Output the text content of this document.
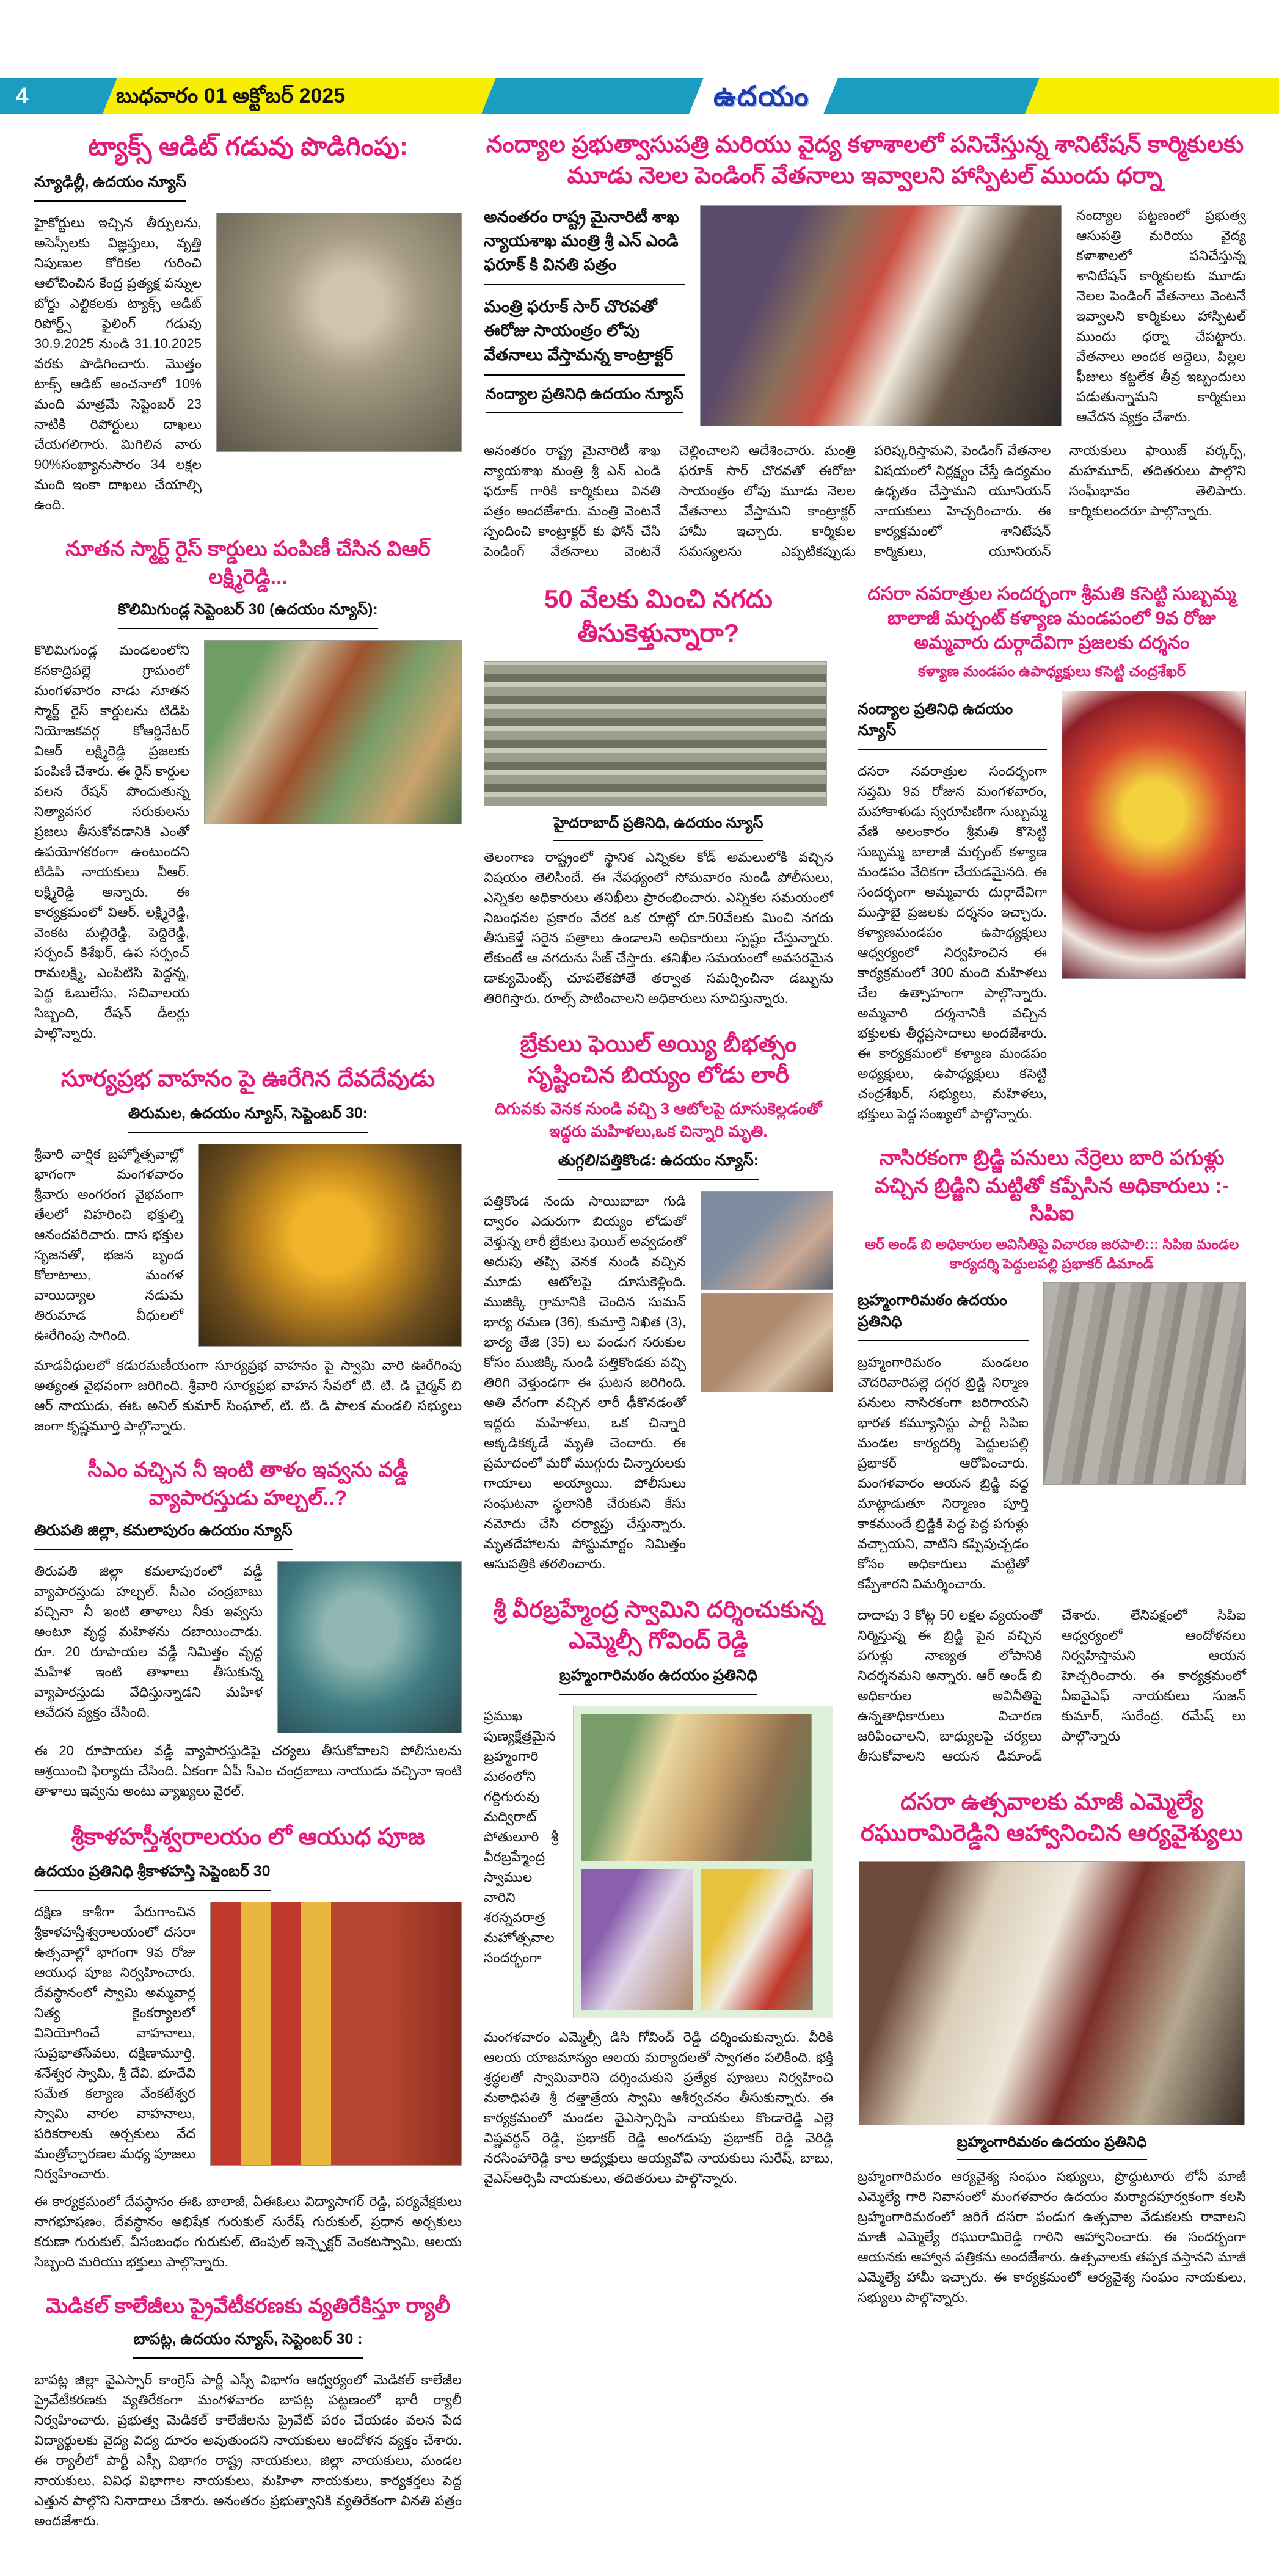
4	బుధవారం 01 అక్టోబర్ 2025	ఉదయం
ట్యాక్స్ ఆడిట్ గడువు పొడిగింపు:
న్యూఢిల్లీ, ఉదయం న్యూస్
హైకోర్టులు ఇచ్చిన తీర్పులను, అసెస్సీలకు విజ్ఞప్తులు, వృత్తి నిపుణుల కోరికల గురించి ఆలోచించిన కేంద్ర ప్రత్యక్ష పన్నుల బోర్డు ఎల్టికలకు ట్యాక్స్ ఆడిట్ రిపోర్ట్స్ ఫైలింగ్ గడువు 30.9.2025 నుండి 31.10.2025 వరకు పొడిగించారు. మొత్తం టాక్స్ ఆడిట్ అంచనాలో 10% మంది మాత్రమే సెప్టెంబర్ 23 నాటికి రిపోర్టులు దాఖలు చేయగలిగారు. మిగిలిన వారు 90%సంఖ్యానుసారం 34 లక్షల మంది ఇంకా దాఖలు చేయాల్సి ఉంది.
నూతన స్మార్ట్ రైస్ కార్డులు పంపిణీ చేసిన విఆర్ లక్ష్మిరెడ్డి...
కొలిమిగుండ్ల సెప్టెంబర్ 30 (ఉదయం న్యూస్):
కొలిమిగుండ్ల మండలంలోని కనకాద్రిపల్లె గ్రామంలో మంగళవారం నాడు నూతన స్మార్ట్ రైస్ కార్డులను టిడిపి నియోజకవర్గ కోఆర్డినేటర్ విఆర్ లక్ష్మిరెడ్డి ప్రజలకు పంపిణీ చేశారు. ఈ రైస్ కార్డుల వలన రేషన్ పొందుతున్న నిత్యావసర సరుకులను ప్రజలు తీసుకోవడానికి ఎంతో ఉపయోగకరంగా ఉంటుందని టిడిపి నాయకులు వీఆర్. లక్ష్మిరెడ్డి అన్నారు. ఈ కార్యక్రమంలో విఆర్. లక్ష్మిరెడ్డి, వెంకట మల్లిరెడ్డి, పెద్దిరెడ్డి, సర్పంచ్ కిశేఖర్, ఉప సర్పంచ్ రామలక్ష్మి, ఎంపిటిసి పెద్దన్న, పెద్ద ఓబులేసు, సచివాలయ సిబ్బంది, రేషన్ డీలర్లు పాల్గొన్నారు.
సూర్యప్రభ వాహనం పై ఊరేగిన దేవదేవుడు
తిరుమల, ఉదయం న్యూస్, సెప్టెంబర్ 30:
శ్రీవారి వార్షిక బ్రహ్మోత్సవాల్లో భాగంగా మంగళవారం శ్రీవారు అంగరంగ వైభవంగా తేలలో విహరించి భక్తుల్ని ఆనందపరిచారు. దాస భక్తుల సృజనతో, భజన బృంద కోలాటాలు, మంగళ వాయిద్యాల నడుమ తిరుమాడ వీధులలో ఊరేగింపు సాగింది.
మాడవీధులలో కడురమణీయంగా సూర్యప్రభ వాహనం పై స్వామి వారి ఊరేగింపు అత్యంత వైభవంగా జరిగింది. శ్రీవారి సూర్యప్రభ వాహన సేవలో టి. టి. డి చైర్మన్ బి ఆర్ నాయుడు, ఈఓ అనిల్ కుమార్ సింఘాల్, టి. టి. డి పాలక మండలి సభ్యులు జంగా కృష్ణమూర్తి పాల్గొన్నారు.
సీఎం వచ్చిన నీ ఇంటి తాళం ఇవ్వను వడ్డీ వ్యాపారస్తుడు హల్చల్..?
తిరుపతి జిల్లా, కమలాపురం ఉదయం న్యూస్
తిరుపతి జిల్లా కమలాపురంలో వడ్డీ వ్యాపారస్తుడు హల్చల్. సీఎం చంద్రబాబు వచ్చినా నీ ఇంటి తాళాలు నీకు ఇవ్వను అంటూ వృద్ధ మహిళను దబాయించాడు. రూ. 20 రూపాయల వడ్డీ నిమిత్తం వృద్ధ మహిళ ఇంటి తాళాలు తీసుకున్న వ్యాపారస్తుడు వేధిస్తున్నాడని మహిళ ఆవేదన వ్యక్తం చేసింది.
ఈ 20 రూపాయల వడ్డీ వ్యాపారస్తుడిపై చర్యలు తీసుకోవాలని పోలీసులను ఆశ్రయించి ఫిర్యాదు చేసింది. ఏకంగా ఏపీ సీఎం చంద్రబాబు నాయుడు వచ్చినా ఇంటి తాళాలు ఇవ్వను అంటు వ్యాఖ్యలు వైరల్.
శ్రీకాళహస్తీశ్వరాలయం లో ఆయుధ పూజ
ఉదయం ప్రతినిధి శ్రీకాళహస్తి సెప్టెంబర్ 30
దక్షిణ కాశీగా పేరుగాంచిన శ్రీకాళహస్తీశ్వరాలయంలో దసరా ఉత్సవాల్లో భాగంగా 9వ రోజు ఆయుధ పూజ నిర్వహించారు. దేవస్థానంలో స్వామి అమ్మవార్ల నిత్య కైంకర్యాలలో వినియోగించే వాహనాలు, సుప్రభాతసేవలు, దక్షిణామూర్తి, శనేశ్వర స్వామి, శ్రీ దేవి, భూదేవి సమేత కల్యాణ వేంకటేశ్వర స్వామి వారల వాహనాలు, పరికరాలకు అర్చకులు వేద మంత్రోచ్ఛారణల మధ్య పూజలు నిర్వహించారు.
ఈ కార్యక్రమంలో దేవస్థానం ఈఓ బాలాజీ, ఏఈఓలు విద్యాసాగర్ రెడ్డి, పర్యవేక్షకులు నాగభూషణం, దేవస్థానం అభిషేక గురుకుల్ సురేష్ గురుకుల్, ప్రధాన అర్చకులు కరుణా గురుకుల్, వీసంబంధం గురుకుల్, టెంపుల్ ఇన్స్పెక్టర్ వెంకటస్వామి, ఆలయ సిబ్బంది మరియు భక్తులు పాల్గొన్నారు.
మెడికల్ కాలేజీలు ప్రైవేటీకరణకు వ్యతిరేకిస్తూ ర్యాలీ
బాపట్ల, ఉదయం న్యూస్, సెప్టెంబర్ 30 :
బాపట్ల జిల్లా వైఎస్సార్ కాంగ్రెస్ పార్టీ ఎస్సీ విభాగం ఆధ్వర్యంలో మెడికల్ కాలేజీల ప్రైవేటీకరణకు వ్యతిరేకంగా మంగళవారం బాపట్ల పట్టణంలో భారీ ర్యాలీ నిర్వహించారు. ప్రభుత్వ మెడికల్ కాలేజీలను ప్రైవేట్ పరం చేయడం వలన పేద విద్యార్థులకు వైద్య విద్య దూరం అవుతుందని నాయకులు ఆందోళన వ్యక్తం చేశారు. ఈ ర్యాలీలో పార్టీ ఎస్సీ విభాగం రాష్ట్ర నాయకులు, జిల్లా నాయకులు, మండల నాయకులు, వివిధ విభాగాల నాయకులు, మహిళా నాయకులు, కార్యకర్తలు పెద్ద ఎత్తున పాల్గొని నినాదాలు చేశారు. అనంతరం ప్రభుత్వానికి వ్యతిరేకంగా వినతి పత్రం అందజేశారు.
నంద్యాల ప్రభుత్వాసుపత్రి మరియు వైద్య కళాశాలలో పనిచేస్తున్న శానిటేషన్ కార్మికులకు మూడు నెలల పెండింగ్ వేతనాలు ఇవ్వాలని హాస్పిటల్ ముందు ధర్నా
అనంతరం రాష్ట్ర మైనారిటీ శాఖ న్యాయశాఖ మంత్రి శ్రీ ఎన్ ఎండి ఫరూక్ కి వినతి పత్రం
మంత్రి ఫరూక్ సార్ చొరవతో ఈరోజు సాయంత్రం లోపు వేతనాలు వేస్తామన్న కాంట్రాక్టర్
నంద్యాల ప్రతినిధి ఉదయం న్యూస్
నంద్యాల పట్టణంలో ప్రభుత్వ ఆసుపత్రి మరియు వైద్య కళాశాలలో పనిచేస్తున్న శానిటేషన్ కార్మికులకు మూడు నెలల పెండింగ్ వేతనాలు వెంటనే ఇవ్వాలని కార్మికులు హాస్పిటల్ ముందు ధర్నా చేపట్టారు. వేతనాలు అందక అద్దెలు, పిల్లల ఫీజులు కట్టలేక తీవ్ర ఇబ్బందులు పడుతున్నామని కార్మికులు ఆవేదన వ్యక్తం చేశారు.
అనంతరం రాష్ట్ర మైనారిటీ శాఖ న్యాయశాఖ మంత్రి శ్రీ ఎన్ ఎండి ఫరూక్ గారికి కార్మికులు వినతి పత్రం అందజేశారు. మంత్రి వెంటనే స్పందించి కాంట్రాక్టర్ కు ఫోన్ చేసి పెండింగ్ వేతనాలు వెంటనే చెల్లించాలని ఆదేశించారు. మంత్రి ఫరూక్ సార్ చొరవతో ఈరోజు సాయంత్రం లోపు మూడు నెలల వేతనాలు వేస్తామని కాంట్రాక్టర్ హామీ ఇచ్చారు. కార్మికుల సమస్యలను ఎప్పటికప్పుడు పరిష్కరిస్తామని, పెండింగ్ వేతనాల విషయంలో నిర్లక్ష్యం చేస్తే ఉద్యమం ఉధృతం చేస్తామని యూనియన్ నాయకులు హెచ్చరించారు. ఈ కార్యక్రమంలో శానిటేషన్ కార్మికులు, యూనియన్ నాయకులు ఫాయిజ్ వర్కర్స్, మహమూద్, తదితరులు పాల్గొని సంఘీభావం తెలిపారు. కార్మికులందరూ పాల్గొన్నారు.
50 వేలకు మించి నగదు తీసుకెళ్తున్నారా?
హైదరాబాద్ ప్రతినిధి, ఉదయం న్యూస్
తెలంగాణ రాష్ట్రంలో స్థానిక ఎన్నికల కోడ్ అమలులోకి వచ్చిన విషయం తెలిసిందే. ఈ నేపథ్యంలో సోమవారం నుండి పోలీసులు, ఎన్నికల అధికారులు తనిఖీలు ప్రారంభించారు. ఎన్నికల సమయంలో నిబంధనల ప్రకారం వేరక ఒక రూట్లో రూ.50వేలకు మించి నగదు తీసుకెళ్తే సరైన పత్రాలు ఉండాలని అధికారులు స్పష్టం చేస్తున్నారు. లేకుంటే ఆ నగదును సీజ్ చేస్తారు. తనిఖీల సమయంలో అవసరమైన డాక్యుమెంట్స్ చూపలేకపోతే తర్వాత సమర్పించినా డబ్బును తిరిగిస్తారు. రూల్స్ పాటించాలని అధికారులు సూచిస్తున్నారు.
బ్రేకులు ఫెయిల్ అయ్యి బీభత్సం సృష్టించిన బియ్యం లోడు లారీ
దిగువకు వెనక నుండి వచ్చి 3 ఆటోలపై దూసుకెల్లడంతో ఇద్దరు మహిళలు,ఒక చిన్నారి మృతి.
తుగ్గలి/పత్తికొండ: ఉదయం న్యూస్:
పత్తికొండ నందు సాయిబాబా గుడి ద్వారం ఎదురుగా బియ్యం లోడుతో వెళ్తున్న లారీ బ్రేకులు ఫెయిల్ అవ్వడంతో అదుపు తప్పి వెనక నుండి వచ్చిన మూడు ఆటోలపై దూసుకెళ్లింది. ముజిక్కి గ్రామానికి చెందిన సుమన్ భార్య రమణ (36), కుమార్తె నిఖిత (3), భార్య తేజి (35) లు పండుగ సరుకుల కోసం ముజిక్కి నుండి పత్తికొండకు వచ్చి తిరిగి వెళ్తుండగా ఈ ఘటన జరిగింది. అతి వేగంగా వచ్చిన లారీ ఢీకొనడంతో ఇద్దరు మహిళలు, ఒక చిన్నారి అక్కడికక్కడే మృతి చెందారు. ఈ ప్రమాదంలో మరో ముగ్గురు చిన్నారులకు గాయాలు అయ్యాయి. పోలీసులు సంఘటనా స్థలానికి చేరుకుని కేసు నమోదు చేసి దర్యాప్తు చేస్తున్నారు. మృతదేహాలను పోస్టుమార్టం నిమిత్తం ఆసుపత్రికి తరలించారు.
శ్రీ వీరబ్రహ్మేంద్ర స్వామిని దర్శించుకున్న ఎమ్మెల్సీ గోవింద్ రెడ్డి
బ్రహ్మంగారిమఠం ఉదయం ప్రతినిధి
ప్రముఖ పుణ్యక్షేత్రమైన బ్రహ్మంగారి మఠంలోని గద్దిగురువు మద్విరాట్ పోతులూరి శ్రీ వీరబ్రహ్మేంద్ర స్వాముల వారిని శరన్నవరాత్ర మహోత్సవాల సందర్భంగా
మంగళవారం ఎమ్మెల్సీ డిసి గోవింద్ రెడ్డి దర్శించుకున్నారు. వీరికి ఆలయ యాజమాన్యం ఆలయ మర్యాదలతో స్వాగతం పలికింది. భక్తి శ్రద్ధలతో స్వామివారిని దర్శించుకుని ప్రత్యేక పూజలు నిర్వహించి మఠాధిపతి శ్రీ దత్తాత్రేయ స్వామి ఆశీర్వచనం తీసుకున్నారు. ఈ కార్యక్రమంలో మండల వైఎస్సార్సిపి నాయకులు కొండారెడ్డి ఎల్లె విష్ణవర్ధన్ రెడ్డి, ప్రభాకర్ రెడ్డి అంగడుపు ప్రభాకర్ రెడ్డి వెరిడ్డి నరసింహారెడ్డి కాల అధ్యక్షులు అయ్యవోవి నాయకులు సురేష్, బాబు, వైఎస్ఆర్సిపి నాయకులు, తదితరులు పాల్గొన్నారు.
దసరా నవరాత్రుల సందర్భంగా శ్రీమతి కసెట్టి సుబ్బమ్మ బాలాజీ మర్చంట్ కళ్యాణ మండపంలో 9వ రోజు అమ్మవారు దుర్గాదేవిగా ప్రజలకు దర్శనం
కళ్యాణ మండపం ఉపాధ్యక్షులు కసెట్టి చంద్రశేఖర్
నంద్యాల ప్రతినిధి ఉదయం న్యూస్
దసరా నవరాత్రుల సందర్భంగా సప్తమి 9వ రోజున మంగళవారం, మహాకాళుడు స్వరూపిణిగా సుబ్బమ్మ వేణి అలంకారం శ్రీమతి కొసెట్టి సుబ్బమ్మ బాలాజీ మర్చంట్ కళ్యాణ మండపం వేదికగా చేయడమైనది. ఈ సందర్భంగా అమ్మవారు దుర్గాదేవిగా ముస్తాబై ప్రజలకు దర్శనం ఇచ్చారు. కళ్యాణమండపం ఉపాధ్యక్షులు ఆధ్వర్యంలో నిర్వహించిన ఈ కార్యక్రమంలో 300 మంది మహిళలు చేల ఉత్సాహంగా పాల్గొన్నారు. అమ్మవారి దర్శనానికి వచ్చిన భక్తులకు తీర్థప్రసాదాలు అందజేశారు. ఈ కార్యక్రమంలో కళ్యాణ మండపం అధ్యక్షులు, ఉపాధ్యక్షులు కసెట్టి చంద్రశేఖర్, సభ్యులు, మహిళలు, భక్తులు పెద్ద సంఖ్యలో పాల్గొన్నారు.
నాసిరకంగా బ్రిడ్జి పనులు నేర్రెలు బారి పగుళ్లు వచ్చిన బ్రిడ్జిని మట్టితో కప్పేసిన అధికారులు :- సిపిఐ
ఆర్ అండ్ బి అధికారుల అవినీతిపై విచారణ జరపాలి::: సిపిఐ మండల కార్యదర్శి పెద్దులపల్లి ప్రభాకర్ డిమాండ్
బ్రహ్మంగారిమఠం ఉదయం ప్రతినిధి
బ్రహ్మంగారిమఠం మండలం చౌదరివారిపల్లె దగ్గర బ్రిడ్జి నిర్మాణ పనులు నాసిరకంగా జరిగాయని భారత కమ్యూనిస్టు పార్టీ సిపిఐ మండల కార్యదర్శి పెద్దులపల్లి ప్రభాకర్ ఆరోపించారు. మంగళవారం ఆయన బ్రిడ్జి వద్ద మాట్లాడుతూ నిర్మాణం పూర్తి కాకముందే బ్రిడ్జికి పెద్ద పెద్ద పగుళ్లు వచ్చాయని, వాటిని కప్పిపుచ్చడం కోసం అధికారులు మట్టితో కప్పేశారని విమర్శించారు.
దాదాపు 3 కోట్ల 50 లక్షల వ్యయంతో నిర్మిస్తున్న ఈ బ్రిడ్జి పైన వచ్చిన పగుళ్లు నాణ్యత లోపానికి నిదర్శనమని అన్నారు. ఆర్ అండ్ బి అధికారుల అవినీతిపై ఉన్నతాధికారులు విచారణ జరిపించాలని, బాధ్యులపై చర్యలు తీసుకోవాలని ఆయన డిమాండ్ చేశారు. లేనిపక్షంలో సిపిఐ ఆధ్వర్యంలో ఆందోళనలు నిర్వహిస్తామని ఆయన హెచ్చరించారు. ఈ కార్యక్రమంలో ఏఐవైఎఫ్ నాయకులు సుజన్ కుమార్, సురేంద్ర, రమేష్ లు పాల్గొన్నారు
దసరా ఉత్సవాలకు మాజీ ఎమ్మెల్యే రఘురామిరెడ్డిని ఆహ్వానించిన ఆర్యవైశ్యులు
బ్రహ్మంగారిమఠం ఉదయం ప్రతినిధి
బ్రహ్మంగారిమఠం ఆర్యవైశ్య సంఘం సభ్యులు, ప్రొద్దుటూరు లోనీ మాజీ ఎమ్మెల్యే గారి నివాసంలో మంగళవారం ఉదయం మర్యాదపూర్వకంగా కలసి బ్రహ్మంగారిమఠంలో జరిగే దసరా పండుగ ఉత్సవాల వేడుకలకు రావాలని మాజీ ఎమ్మెల్యే రఘురామిరెడ్డి గారిని ఆహ్వానించారు. ఈ సందర్భంగా ఆయనకు ఆహ్వాన పత్రికను అందజేశారు. ఉత్సవాలకు తప్పక వస్తానని మాజీ ఎమ్మెల్యే హామీ ఇచ్చారు. ఈ కార్యక్రమంలో ఆర్యవైశ్య సంఘం నాయకులు, సభ్యులు పాల్గొన్నారు.
